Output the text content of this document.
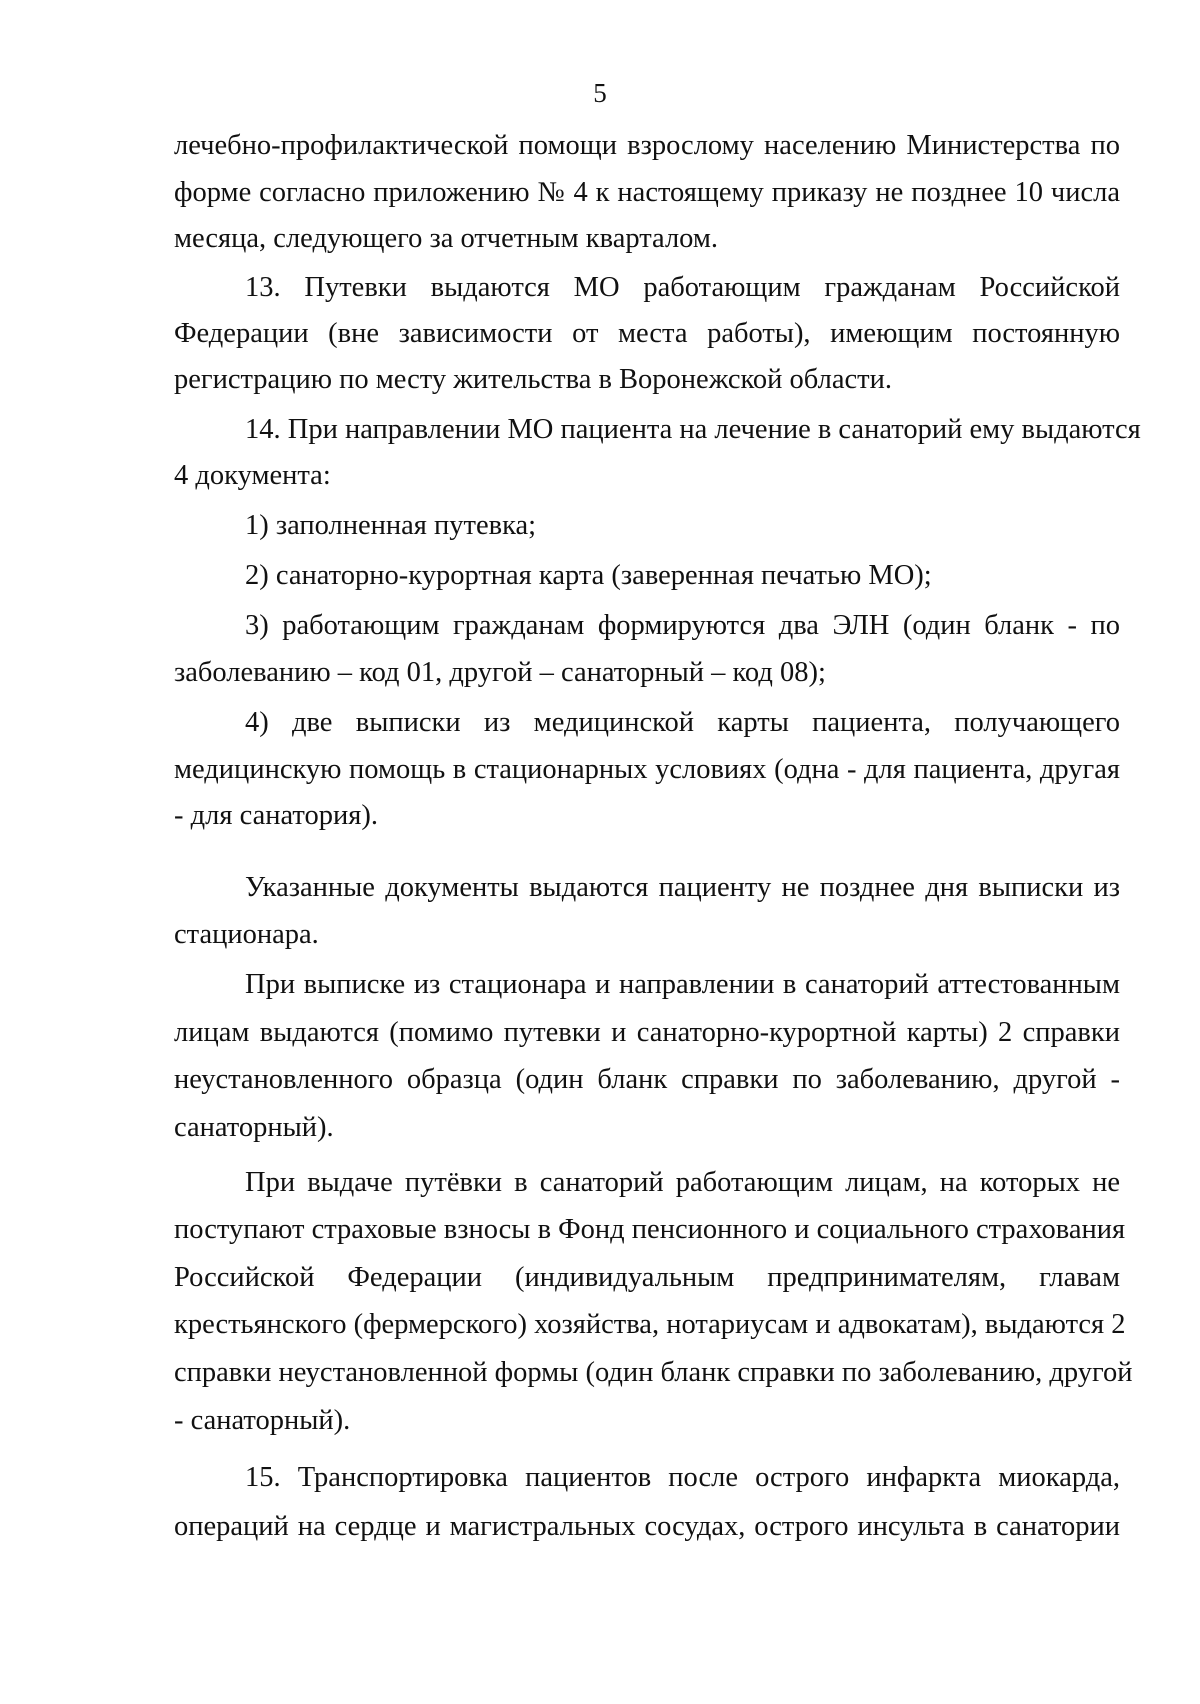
5
лечебно-профилактической помощи взрослому населению Министерства по
форме согласно приложению № 4 к настоящему приказу не позднее 10 числа
месяца, следующего за отчетным кварталом.
13. Путевки выдаются МО работающим гражданам Российской
Федерации (вне зависимости от места работы), имеющим постоянную
регистрацию по месту жительства в Воронежской области.
14. При направлении МО пациента на лечение в санаторий ему выдаются
4 документа:
1) заполненная путевка;
2) санаторно-курортная карта (заверенная печатью МО);
3) работающим гражданам формируются два ЭЛН (один бланк - по
заболеванию – код 01, другой – санаторный – код 08);
4) две выписки из медицинской карты пациента, получающего
медицинскую помощь в стационарных условиях (одна - для пациента, другая
- для санатория).
Указанные документы выдаются пациенту не позднее дня выписки из
стационара.
При выписке из стационара и направлении в санаторий аттестованным
лицам выдаются (помимо путевки и санаторно-курортной карты) 2 справки
неустановленного образца (один бланк справки по заболеванию, другой -
санаторный).
При выдаче путёвки в санаторий работающим лицам, на которых не
поступают страховые взносы в Фонд пенсионного и социального страхования
Российской Федерации (индивидуальным предпринимателям, главам
крестьянского (фермерского) хозяйства, нотариусам и адвокатам), выдаются 2
справки неустановленной формы (один бланк справки по заболеванию, другой
- санаторный).
15. Транспортировка пациентов после острого инфаркта миокарда,
операций на сердце и магистральных сосудах, острого инсульта в санатории
